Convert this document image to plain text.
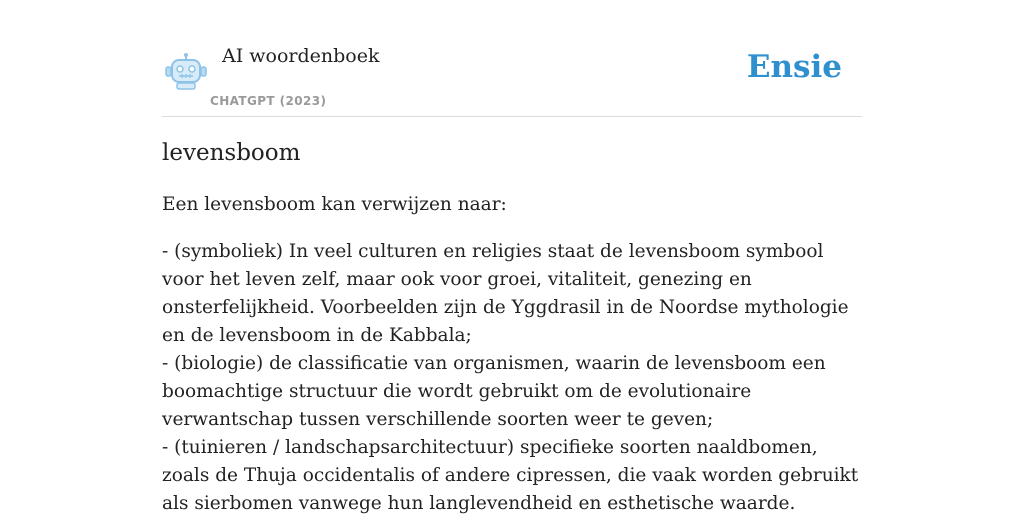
AI woordenboek
CHATGPT (2023)
Ensie
levensboom

Een levensboom kan verwijzen naar:

- (symboliek) In veel culturen en religies staat de levensboom symbool voor het leven zelf, maar ook voor groei, vitaliteit, genezing en onsterfelijkheid. Voorbeelden zijn de Yggdrasil in de Noordse mythologie en de levensboom in de Kabbala;

- (biologie) de classificatie van organismen, waarin de levensboom een boomachtige structuur die wordt gebruikt om de evolutionaire verwantschap tussen verschillende soorten weer te geven;

- (tuinieren / landschapsarchitectuur) specifieke soorten naaldbomen, zoals de Thuja occidentalis of andere cipressen, die vaak worden gebruikt als sierbomen vanwege hun langlevendheid en esthetische waarde.
